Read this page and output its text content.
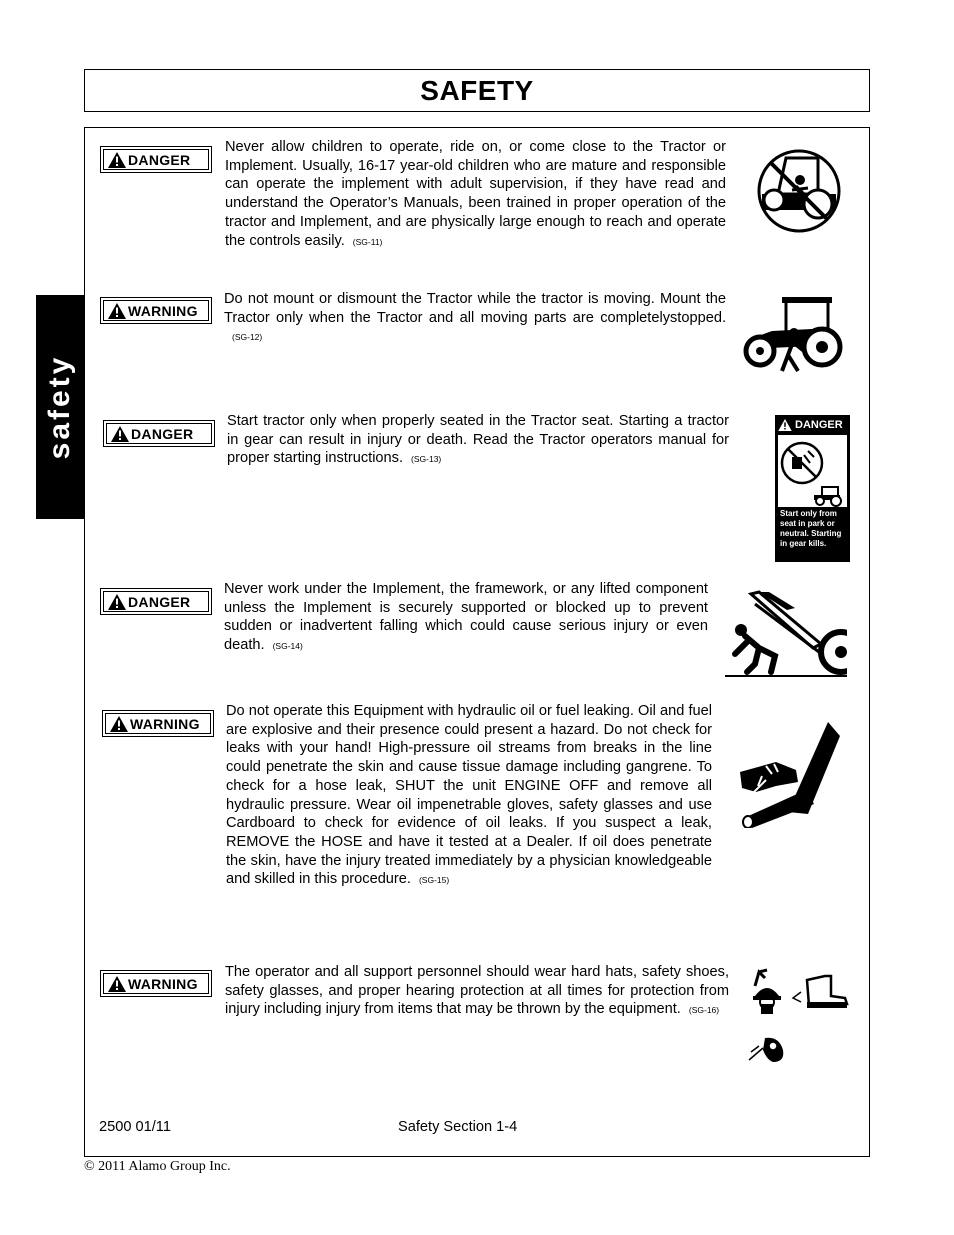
SAFETY
safety
DANGER
Never allow children to operate, ride on, or come close to the Tractor or Implement. Usually, 16-17 year-old children who are mature and responsible can operate the implement with adult supervision, if they have read and understand the Operator’s Manuals, been trained in proper operation of the tractor and Implement, and are physically large enough to reach and operate the controls easily. (SG-11)
WARNING
Do not mount or dismount the Tractor while the tractor is moving. Mount the Tractor only when the Tractor and all moving parts are completelystopped.(SG-12)
DANGER
Start tractor only when properly seated in the Tractor seat. Starting a tractor in gear can result in injury or death. Read the Tractor operators manual for proper starting instructions. (SG-13)
DANGER
Start only from seat in park or neutral. Starting in gear kills.
DANGER
Never work under the Implement, the framework, or any lifted component unless the Implement is securely supported or blocked up to prevent sudden or inadvertent falling which could cause serious injury or even death. (SG-14)
WARNING
Do not operate this Equipment with hydraulic oil or fuel leaking. Oil and fuel are explosive and their presence could present a hazard. Do not check for leaks with your hand! High-pressure oil streams from breaks in the line could penetrate the skin and cause tissue damage including gangrene. To check for a hose leak, SHUT the unit ENGINE OFF and remove all hydraulic pressure. Wear oil impenetrable gloves, safety glasses and use Cardboard to check for evidence of oil leaks. If you suspect a leak, REMOVE the HOSE and have it tested at a Dealer. If oil does penetrate the skin, have the injury treated immediately by a physician knowledgeable and skilled in this procedure. (SG-15)
WARNING
The operator and all support personnel should wear hard hats, safety shoes, safety glasses, and proper hearing protection at all times for protection from injury including injury from items that may be thrown by the equipment. (SG-16)
2500 01/11	Safety Section 1-4
© 2011 Alamo Group Inc.
